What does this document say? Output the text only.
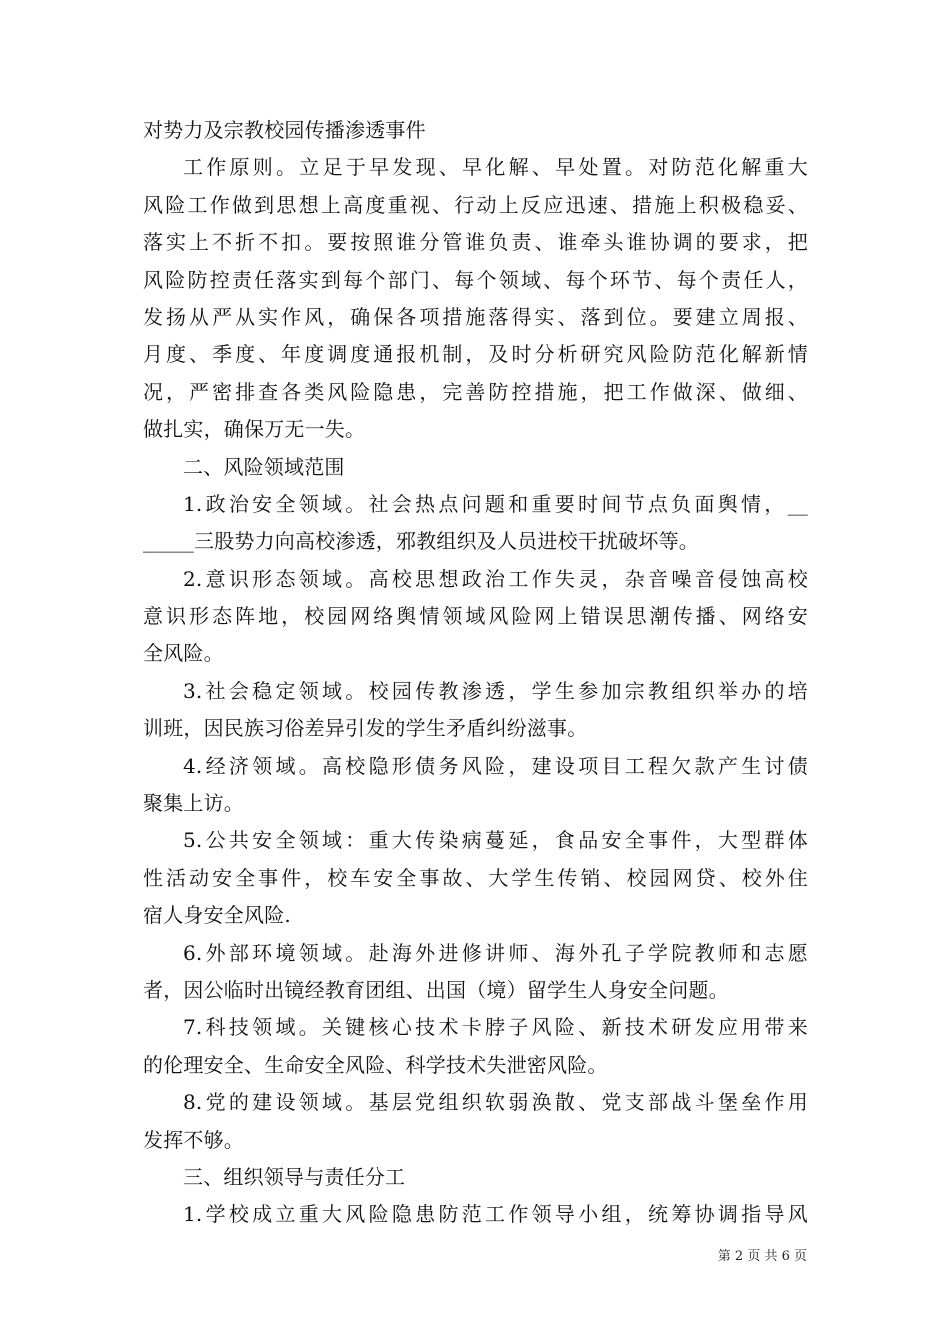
对势力及宗教校园传播渗透事件
工作原则。立足于早发现、早化解、早处置。对防范化解重大
风险工作做到思想上高度重视、行动上反应迅速、措施上积极稳妥、
落实上不折不扣。要按照谁分管谁负责、谁牵头谁协调的要求，把
风险防控责任落实到每个部门、每个领域、每个环节、每个责任人，
发扬从严从实作风，确保各项措施落得实、落到位。要建立周报、
月度、季度、年度调度通报机制，及时分析研究风险防范化解新情
况，严密排查各类风险隐患，完善防控措施，把工作做深、做细、
做扎实，确保万无一失。
二、风险领域范围
1.政治安全领域。社会热点问题和重要时间节点负面舆情，__
_____三股势力向高校渗透，邪教组织及人员进校干扰破坏等。
2.意识形态领域。高校思想政治工作失灵，杂音噪音侵蚀高校
意识形态阵地，校园网络舆情领域风险网上错误思潮传播、网络安
全风险。
3.社会稳定领域。校园传教渗透，学生参加宗教组织举办的培
训班，因民族习俗差异引发的学生矛盾纠纷滋事。
4.经济领域。高校隐形债务风险，建设项目工程欠款产生讨债
聚集上访。
5.公共安全领域：重大传染病蔓延，食品安全事件，大型群体
性活动安全事件，校车安全事故、大学生传销、校园网贷、校外住
宿人身安全风险.
6.外部环境领域。赴海外进修讲师、海外孔子学院教师和志愿
者，因公临时出镜经教育团组、出国（境）留学生人身安全问题。
7.科技领域。关键核心技术卡脖子风险、新技术研发应用带来
的伦理安全、生命安全风险、科学技术失泄密风险。
8.党的建设领域。基层党组织软弱涣散、党支部战斗堡垒作用
发挥不够。
三、组织领导与责任分工
1.学校成立重大风险隐患防范工作领导小组，统筹协调指导风
第 2 页 共 6 页
